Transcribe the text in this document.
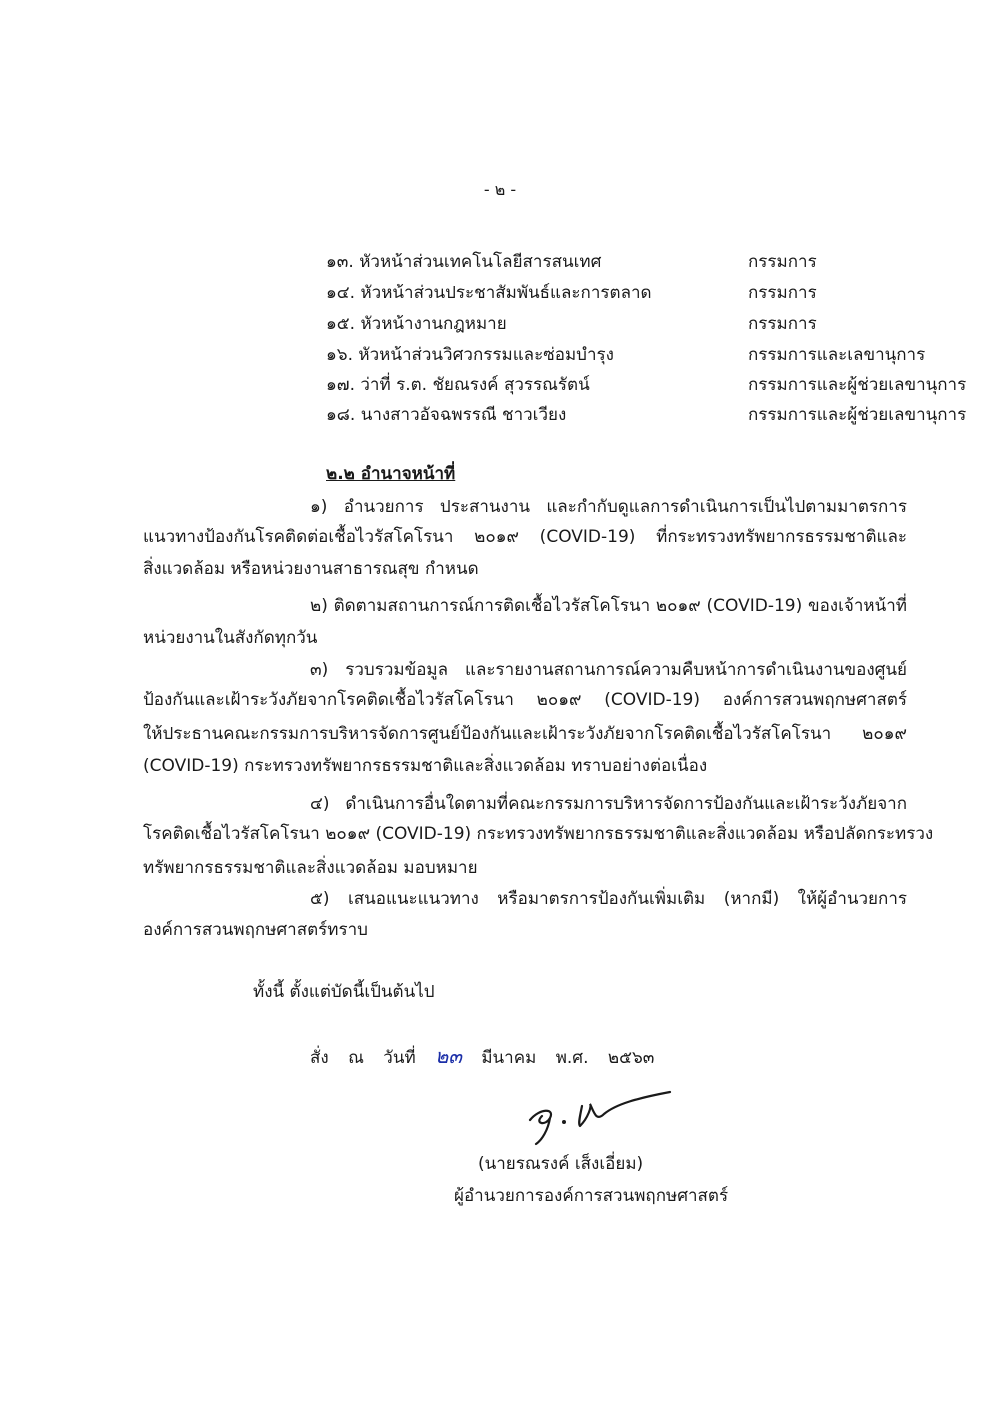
- ๒ -
๑๓. หัวหน้าส่วนเทคโนโลยีสารสนเทศ	กรรมการ
๑๔. หัวหน้าส่วนประชาสัมพันธ์และการตลาด	กรรมการ
๑๕. หัวหน้างานกฎหมาย	กรรมการ
๑๖. หัวหน้าส่วนวิศวกรรมและซ่อมบำรุง	กรรมการและเลขานุการ
๑๗. ว่าที่ ร.ต. ชัยณรงค์ สุวรรณรัตน์	กรรมการและผู้ช่วยเลขานุการ
๑๘. นางสาวอัจฉพรรณี ชาวเวียง	กรรมการและผู้ช่วยเลขานุการ
๒.๒ อำนาจหน้าที่
๑) อำนวยการ ประสานงาน และกำกับดูแลการดำเนินการเป็นไปตามมาตรการ
แนวทางป้องกันโรคติดต่อเชื้อไวรัสโคโรนา ๒๐๑๙ (COVID-19) ที่กระทรวงทรัพยากรธรรมชาติและ
สิ่งแวดล้อม หรือหน่วยงานสาธารณสุข กำหนด
๒) ติดตามสถานการณ์การติดเชื้อไวรัสโคโรนา ๒๐๑๙ (COVID-19) ของเจ้าหน้าที่
หน่วยงานในสังกัดทุกวัน
๓) รวบรวมข้อมูล และรายงานสถานการณ์ความคืบหน้าการดำเนินงานของศูนย์
ป้องกันและเฝ้าระวังภัยจากโรคติดเชื้อไวรัสโคโรนา ๒๐๑๙ (COVID-19) องค์การสวนพฤกษศาสตร์
ให้ประธานคณะกรรมการบริหารจัดการศูนย์ป้องกันและเฝ้าระวังภัยจากโรคติดเชื้อไวรัสโคโรนา ๒๐๑๙
(COVID-19) กระทรวงทรัพยากรธรรมชาติและสิ่งแวดล้อม ทราบอย่างต่อเนื่อง
๔) ดำเนินการอื่นใดตามที่คณะกรรมการบริหารจัดการป้องกันและเฝ้าระวังภัยจาก
โรคติดเชื้อไวรัสโคโรนา ๒๐๑๙ (COVID-19) กระทรวงทรัพยากรธรรมชาติและสิ่งแวดล้อม หรือปลัดกระทรวง
ทรัพยากรธรรมชาติและสิ่งแวดล้อม มอบหมาย
๕) เสนอแนะแนวทาง หรือมาตรการป้องกันเพิ่มเติม (หากมี) ให้ผู้อำนวยการ
องค์การสวนพฤกษศาสตร์ทราบ
ทั้งนี้ ตั้งแต่บัดนี้เป็นต้นไป
สั่ง ณ วันที่ ๒๓ มีนาคม พ.ศ. ๒๕๖๓
(นายรณรงค์ เส็งเอี่ยม)
ผู้อำนวยการองค์การสวนพฤกษศาสตร์
